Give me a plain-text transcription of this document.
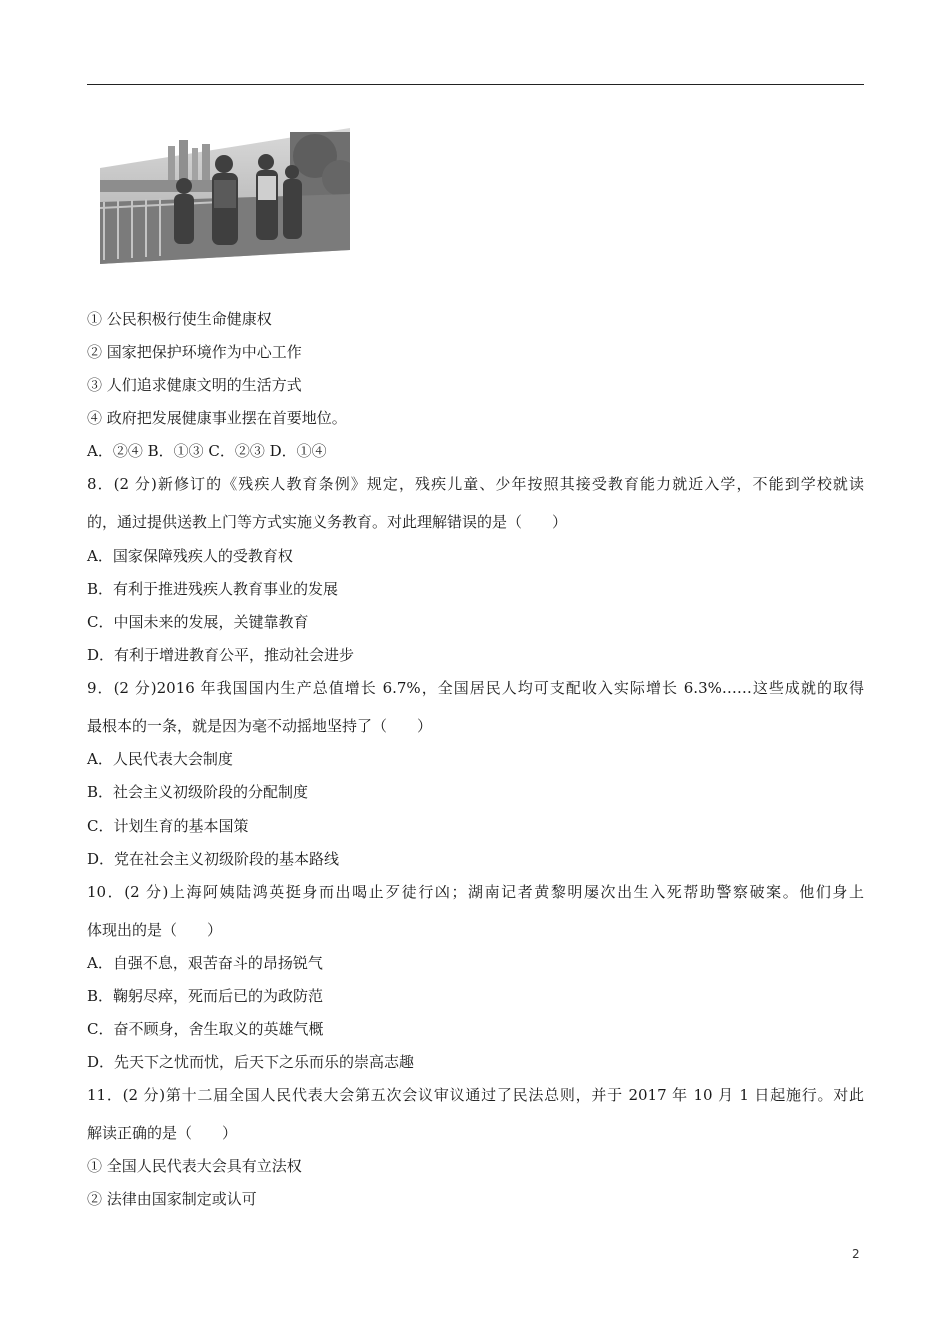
① 公民积极行使生命健康权
② 国家把保护环境作为中心工作
③ 人们追求健康文明的生活方式
④ 政府把发展健康事业摆在首要地位。
A．②④ B．①③ C．②③ D．①④
8．(2 分)新修订的《残疾人教育条例》规定，残疾儿童、少年按照其接受教育能力就近入学，不能到学校就读
的，通过提供送教上门等方式实施义务教育。对此理解错误的是（　　）
A．国家保障残疾人的受教育权
B．有利于推进残疾人教育事业的发展
C．中国未来的发展，关键靠教育
D．有利于增进教育公平，推动社会进步
9．(2 分)2016 年我国国内生产总值增长 6.7%，全国居民人均可支配收入实际增长 6.3%……这些成就的取得
最根本的一条，就是因为毫不动摇地坚持了（　　）
A．人民代表大会制度
B．社会主义初级阶段的分配制度
C．计划生育的基本国策
D．党在社会主义初级阶段的基本路线
10．(2 分)上海阿姨陆鸿英挺身而出喝止歹徒行凶；湖南记者黄黎明屡次出生入死帮助警察破案。他们身上
体现出的是（　　）
A．自强不息，艰苦奋斗的昂扬锐气
B．鞠躬尽瘁，死而后已的为政防范
C．奋不顾身，舍生取义的英雄气概
D．先天下之忧而忧，后天下之乐而乐的崇高志趣
11．(2 分)第十二届全国人民代表大会第五次会议审议通过了民法总则，并于 2017 年 10 月 1 日起施行。对此
解读正确的是（　　）
① 全国人民代表大会具有立法权
② 法律由国家制定或认可
2
